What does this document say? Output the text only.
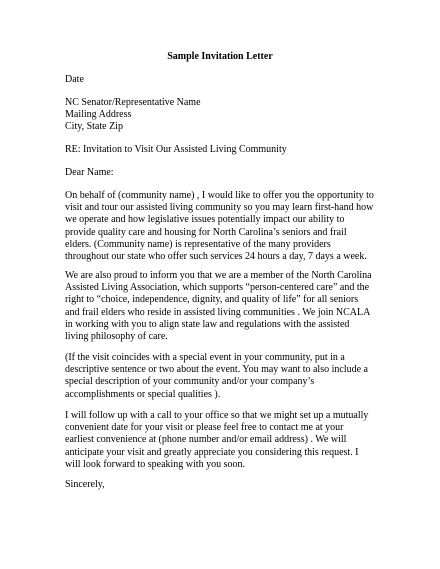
Sample Invitation Letter
Date
NC Senator/Representative Name
Mailing Address
City, State Zip
RE: Invitation to Visit Our Assisted Living Community
Dear Name:
On behalf of (community name) , I would like to offer you the opportunity to
visit and tour our assisted living community so you may learn first-hand how
we operate and how legislative issues potentially impact our ability to
provide quality care and housing for North Carolina’s seniors and frail
elders. (Community name) is representative of the many providers
throughout our state who offer such services 24 hours a day, 7 days a week.
We are also proud to inform you that we are a member of the North Carolina
Assisted Living Association, which supports “person-centered care” and the
right to “choice, independence, dignity, and quality of life” for all seniors
and frail elders who reside in assisted living communities . We join NCALA
in working with you to align state law and regulations with the assisted
living philosophy of care.
(If the visit coincides with a special event in your community, put in a
descriptive sentence or two about the event. You may want to also include a
special description of your community and/or your company’s
accomplishments or special qualities ).
I will follow up with a call to your office so that we might set up a mutually
convenient date for your visit or please feel free to contact me at your
earliest convenience at (phone number and/or email address) . We will
anticipate your visit and greatly appreciate you considering this request. I
will look forward to speaking with you soon.
Sincerely,
